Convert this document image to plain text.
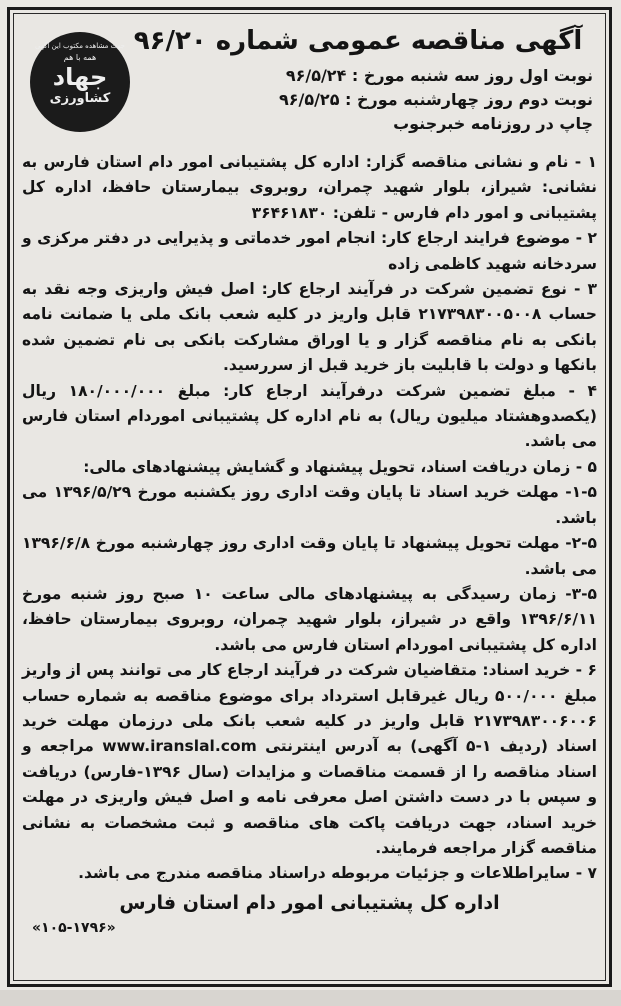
جهت مشاهده مکتوب این آگهی
همه با هم
جهاد
کشاورزی
آگهی مناقصه عمومی شماره ۹۶/۲۰
نوبت اول روز سه شنبه مورخ : ۹۶/۵/۲۴
نوبت دوم روز چهارشنبه مورخ : ۹۶/۵/۲۵
چاپ در روزنامه خبرجنوب

۱ - نام و نشانی مناقصه گزار: اداره کل پشتیبانی امور دام استان فارس به نشانی: شیراز، بلوار شهید چمران، روبروی بیمارستان حافظ، اداره کل پشتیبانی و امور دام فارس - تلفن: ۳۶۴۶۱۸۳۰

۲ - موضوع فرایند ارجاع کار: انجام امور خدماتی و پذیرایی در دفتر مرکزی و سردخانه شهید کاظمی زاده

۳ - نوع تضمین شرکت در فرآیند ارجاع کار: اصل فیش واریزی وجه نقد به حساب ۲۱۷۳۹۸۳۰۰۵۰۰۸ قابل واریز در کلیه شعب بانک ملی یا ضمانت نامه بانکی به نام مناقصه گزار و یا اوراق مشارکت بانکی بی نام تضمین شده بانکها و دولت با قابلیت باز خرید قبل از سررسید.

۴ - مبلغ تضمین شرکت درفرآیند ارجاع کار: مبلغ ۱۸۰/۰۰۰/۰۰۰ ریال (یکصدوهشتاد میلیون ریال) به نام اداره کل پشتیبانی اموردام استان فارس می باشد.

۵ - زمان دریافت اسناد، تحویل پیشنهاد و گشایش پیشنهادهای مالی:

۱-۵- مهلت خرید اسناد تا پایان وقت اداری روز یکشنبه مورخ ۱۳۹۶/۵/۲۹ می باشد.

۲-۵- مهلت تحویل پیشنهاد تا پایان وقت اداری روز چهارشنبه مورخ ۱۳۹۶/۶/۸ می باشد.

۳-۵- زمان رسیدگی به پیشنهادهای مالی ساعت ۱۰ صبح روز شنبه مورخ ۱۳۹۶/۶/۱۱ واقع در شیراز، بلوار شهید چمران، روبروی بیمارستان حافظ، اداره کل پشتیبانی اموردام استان فارس می باشد.

۶ - خرید اسناد: متقاضیان شرکت در فرآیند ارجاع کار می توانند پس از واریز مبلغ ۵۰۰/۰۰۰ ریال غیرقابل استرداد برای موضوع مناقصه به شماره حساب ۲۱۷۳۹۸۳۰۰۶۰۰۶ قابل واریز در کلیه شعب بانک ملی درزمان مهلت خرید اسناد (ردیف ۱-۵ آگهی) به آدرس اینترنتی www.iranslal.com مراجعه و اسناد مناقصه را از قسمت مناقصات و مزایدات (سال ۱۳۹۶-فارس) دریافت و سپس با در دست داشتن اصل معرفی نامه و اصل فیش واریزی در مهلت خرید اسناد، جهت دریافت پاکت های مناقصه و ثبت مشخصات به نشانی مناقصه گزار مراجعه فرمایند.

۷ - سایراطلاعات و جزئیات مربوطه دراسناد مناقصه مندرج می باشد.

اداره کل پشتیبانی امور دام استان فارس
«۱۰۵-۱۷۹۶»
